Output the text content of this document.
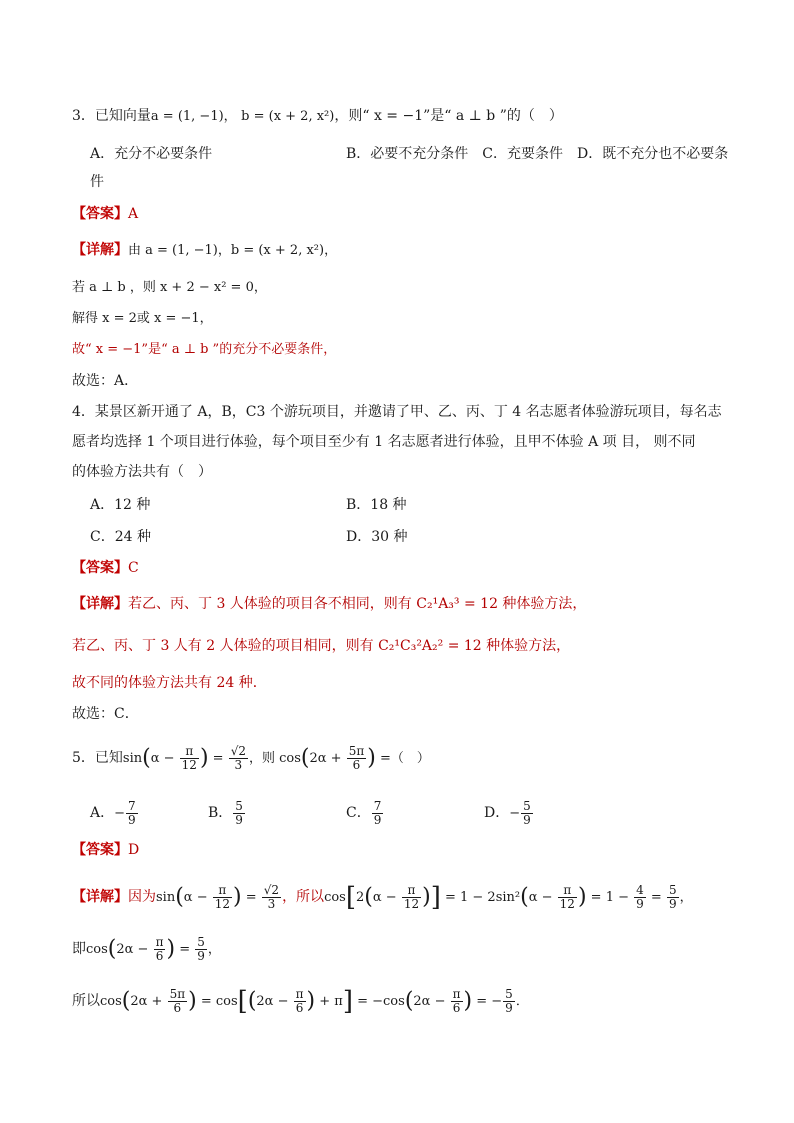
3．已知向量a = (1, −1)， b = (x + 2, x²)，则“ x = −1”是“ a ⊥ b ”的（　）
A．充分不必要条件	B．必要不充分条件　C．充要条件　D．既不充分也不必要条
件
【答案】A
【详解】由 a = (1, −1)，b = (x + 2, x²)，
若 a ⊥ b ，则 x + 2 − x² = 0，
解得 x = 2或 x = −1，
故“ x = −1”是“ a ⊥ b ”的充分不必要条件，
故选：A．
4．某景区新开通了 A，B，C3 个游玩项目，并邀请了甲、乙、丙、丁 4 名志愿者体验游玩项目，每名志
愿者均选择 1 个项目进行体验，每个项目至少有 1 名志愿者进行体验，且甲不体验 A 项 目， 则不同
的体验方法共有（　）
A．12 种	B．18 种
C．24 种	D．30 种
【答案】C
【详解】若乙、丙、丁 3 人体验的项目各不相同，则有 C₂¹A₃³ = 12 种体验方法，
若乙、丙、丁 3 人有 2 人体验的项目相同，则有 C₂¹C₃²A₂² = 12 种体验方法，
故不同的体验方法共有 24 种．
故选：C．
5．已知$\sin(\alpha - \frac{\pi}{12}$ ) = $\frac{√2}{3}$ ，则 $\cos(2\alpha + \frac{5\pi}{6}$ ) =（　）
A．− $\frac{7}{9}$	B． $\frac{5}{9}$	C． $\frac{7}{9}$	D．− $\frac{5}{9}$
【答案】D
【详解】因为$\sin(\alpha - \frac{\pi}{12}$ ) = $\frac{√2}{3}$ ，所以$\cos[2(\alpha - \frac{\pi}{12}$ )] = $1 - 2\sin^2(\alpha - \frac{\pi}{12}$ ) = $1 - \frac{4}{9} = \frac{5}{9}$ ，
即$\cos(2\alpha - \frac{\pi}{6}$ ) = $\frac{5}{9}$ ，
所以$\cos(2\alpha + \frac{5\pi}{6}$ ) = $\cos[(2\alpha - \frac{\pi}{6}$ ) + $\pi] = -\cos(2\alpha - \frac{\pi}{6}$ ) = − $\frac{5}{9}$ ．
